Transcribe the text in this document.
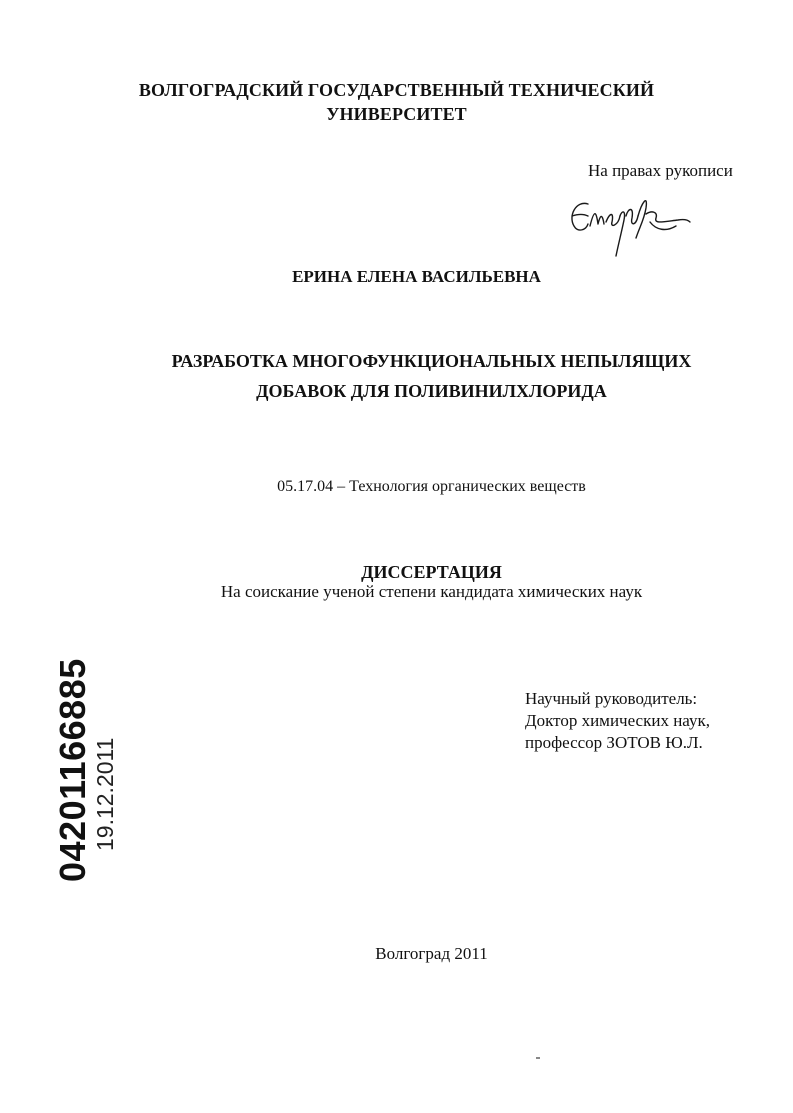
ВОЛГОГРАДСКИЙ ГОСУДАРСТВЕННЫЙ ТЕХНИЧЕСКИЙ
УНИВЕРСИТЕТ
На правах рукописи
ЕРИНА ЕЛЕНА ВАСИЛЬЕВНА
РАЗРАБОТКА МНОГОФУНКЦИОНАЛЬНЫХ НЕПЫЛЯЩИХ
ДОБАВОК ДЛЯ ПОЛИВИНИЛХЛОРИДА
05.17.04 – Технология органических веществ
ДИССЕРТАЦИЯ
На соискание ученой степени кандидата химических наук
Научный руководитель:
Доктор химических наук,
профессор ЗОТОВ Ю.Л.
04201166885 19.12.2011
Волгоград 2011
